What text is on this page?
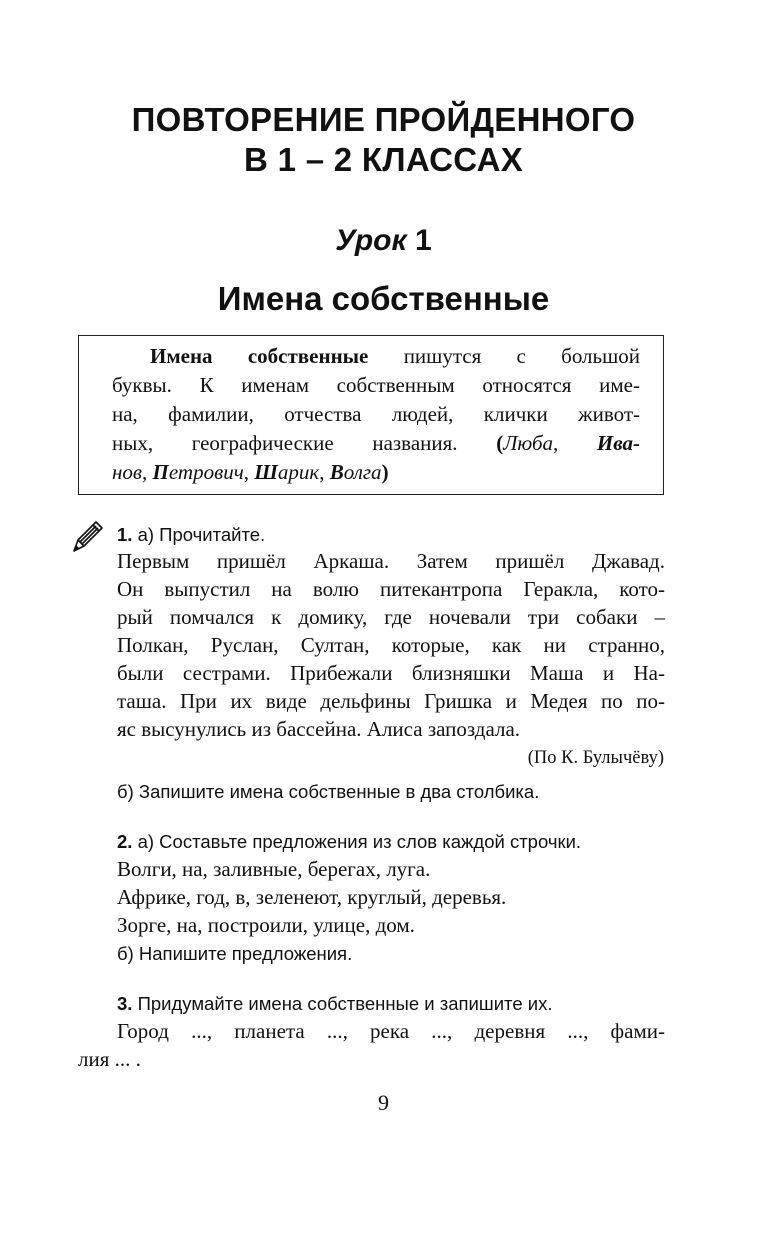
ПОВТОРЕНИЕ ПРОЙДЕННОГО
В 1 – 2 КЛАССАХ
Урок 1
Имена собственные
Имена собственные пишутся с большой
буквы. К именам собственным относятся име-
на, фамилии, отчества людей, клички живот-
ных, географические названия. (Люба, Ива-
нов, Петрович, Шарик, Волга)
1. а) Прочитайте.
Первым пришёл Аркаша. Затем пришёл Джавад.
Он выпустил на волю питекантропа Геракла, кото-
рый помчался к домику, где ночевали три собаки –
Полкан, Руслан, Султан, которые, как ни странно,
были сестрами. Прибежали близняшки Маша и На-
таша. При их виде дельфины Гришка и Медея по по-
яс высунулись из бассейна. Алиса запоздала.
(По К. Булычёву)
б) Запишите имена собственные в два столбика.
2. а) Составьте предложения из слов каждой строчки.
Волги, на, заливные, берегах, луга.
Африке, год, в, зеленеют, круглый, деревья.
Зорге, на, построили, улице, дом.
б) Напишите предложения.
3. Придумайте имена собственные и запишите их.
Город ..., планета ..., река ..., деревня ..., фами-
лия ... .
9
